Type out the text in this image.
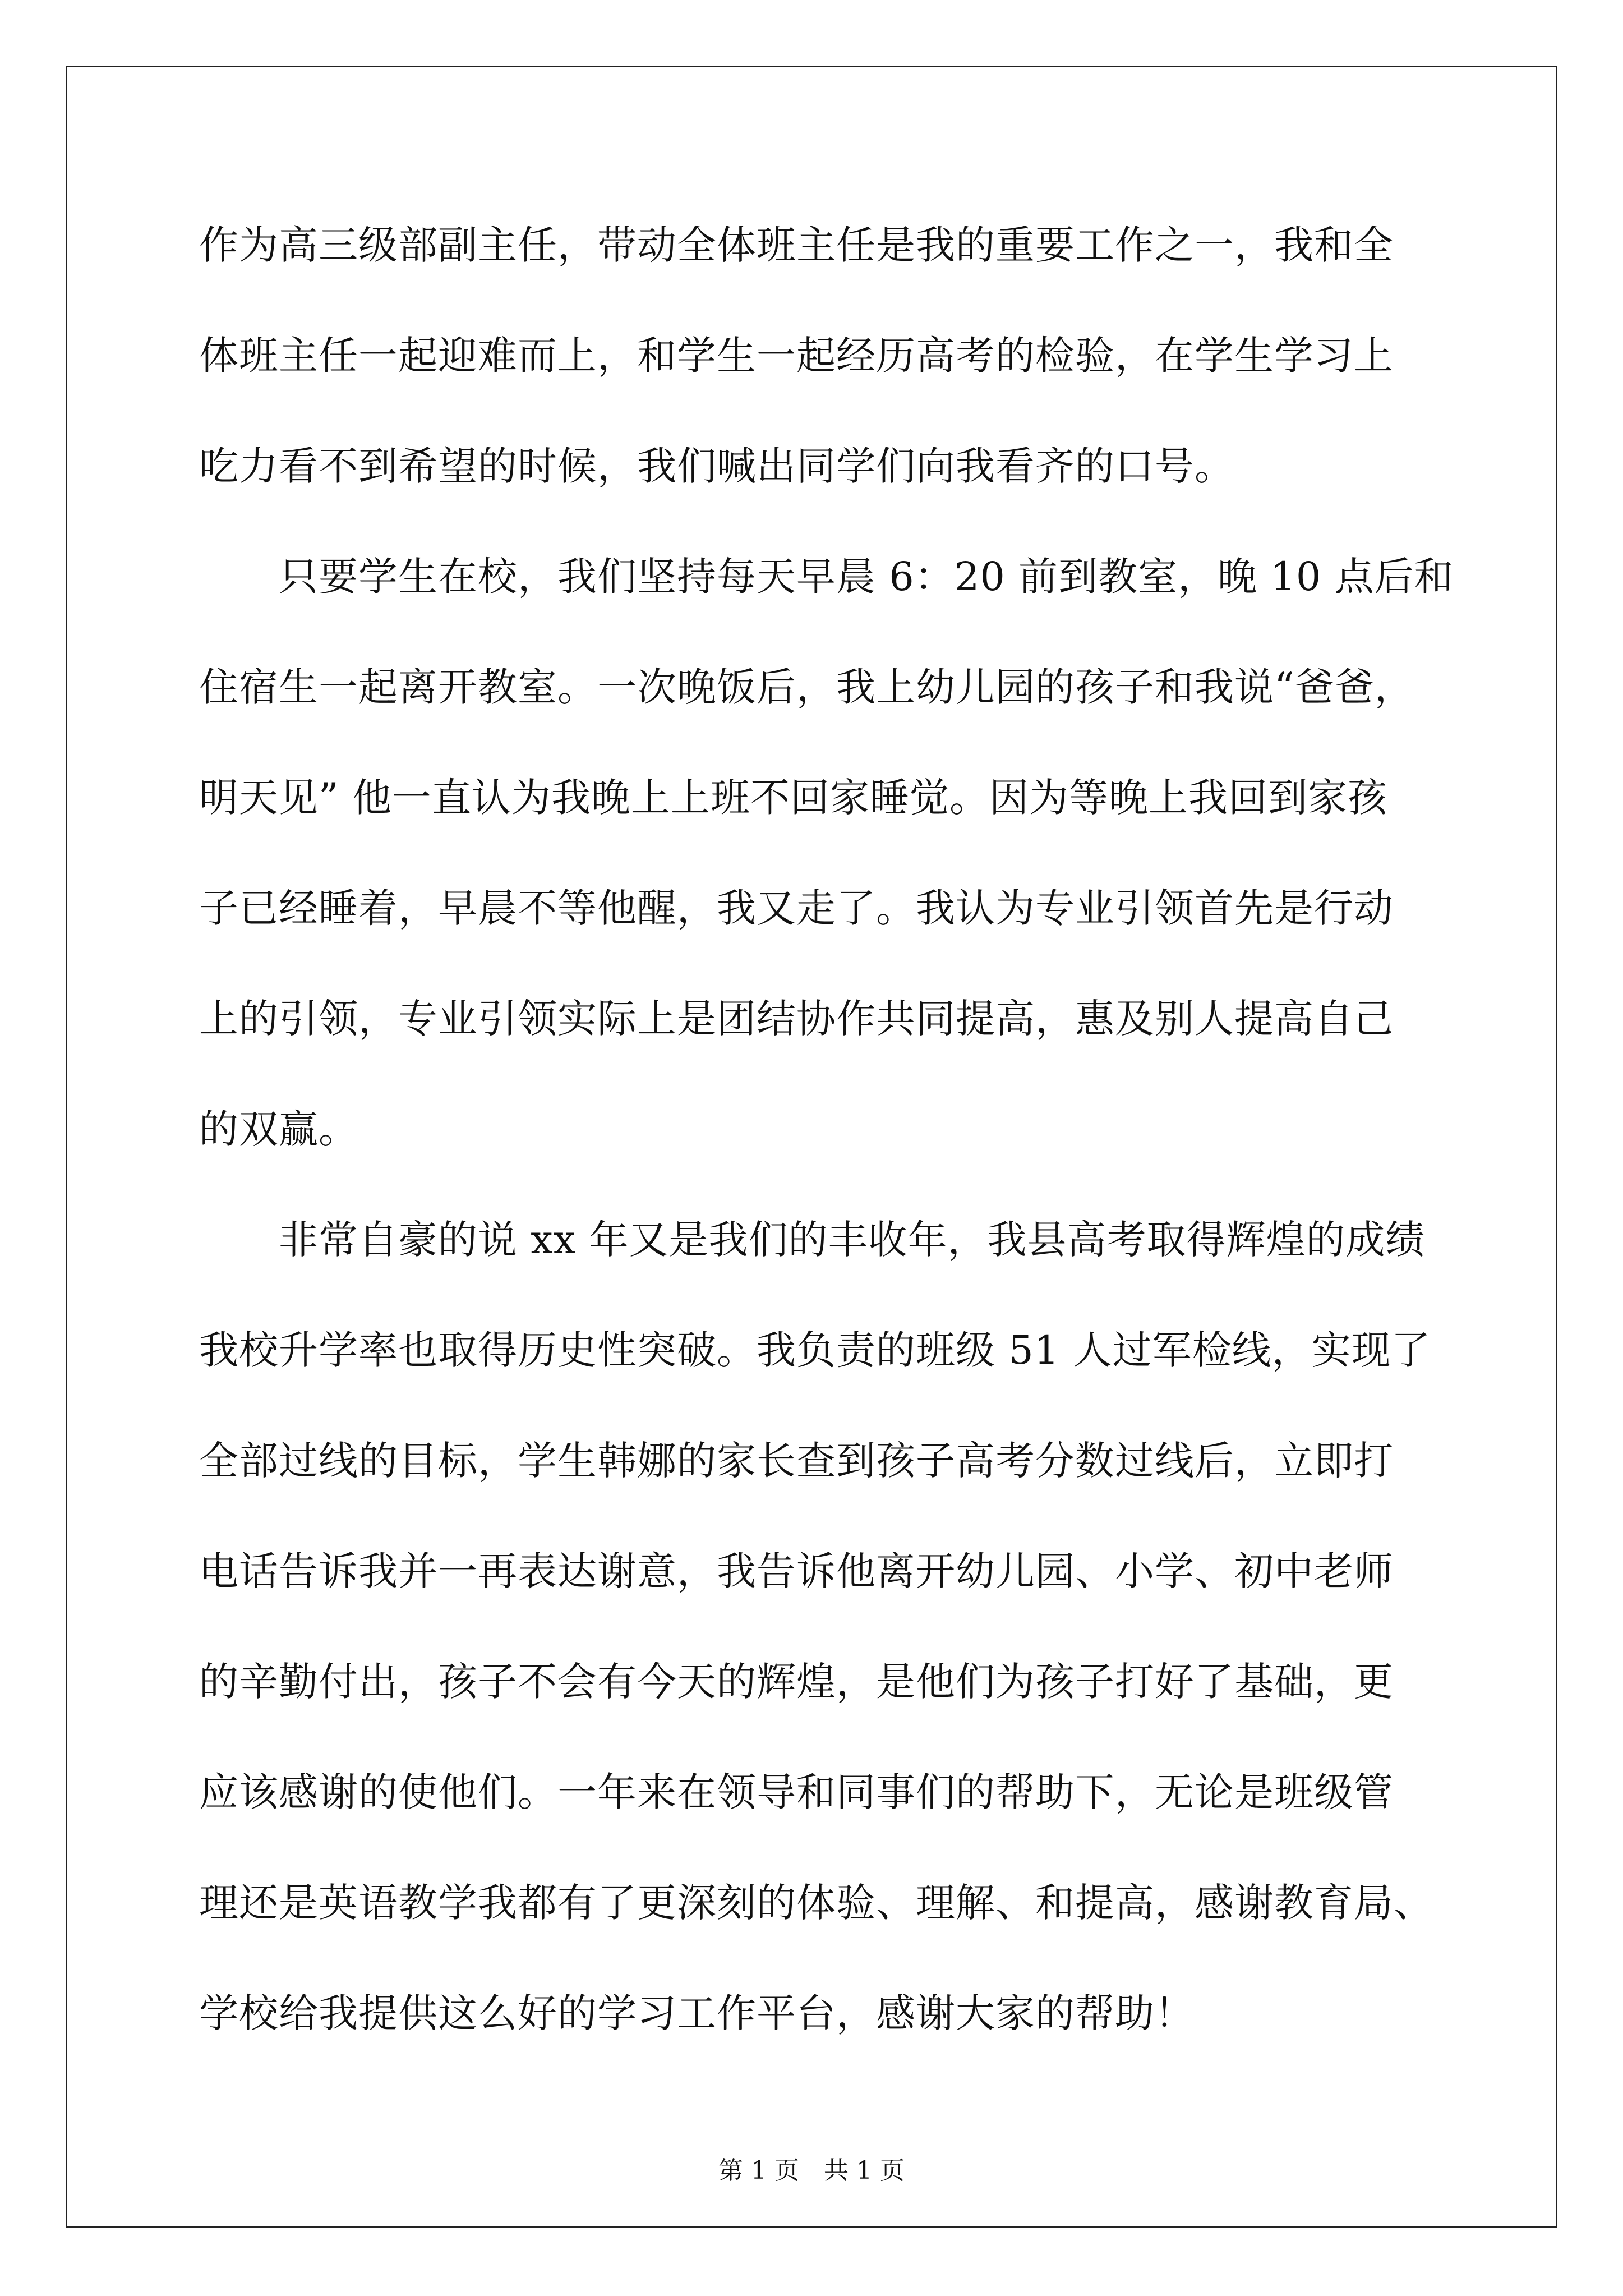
作为高三级部副主任，带动全体班主任是我的重要工作之一，我和全
体班主任一起迎难而上，和学生一起经历高考的检验，在学生学习上
吃力看不到希望的时候，我们喊出同学们向我看齐的口号。
只要学生在校，我们坚持每天早晨 6：20 前到教室，晚 10 点后和
住宿生一起离开教室。一次晚饭后，我上幼儿园的孩子和我说“爸爸，
明天见” 他一直认为我晚上上班不回家睡觉。因为等晚上我回到家孩
子已经睡着，早晨不等他醒，我又走了。我认为专业引领首先是行动
上的引领，专业引领实际上是团结协作共同提高，惠及别人提高自己
的双赢。
非常自豪的说 xx 年又是我们的丰收年，我县高考取得辉煌的成绩
我校升学率也取得历史性突破。我负责的班级 51 人过军检线，实现了
全部过线的目标，学生韩娜的家长查到孩子高考分数过线后，立即打
电话告诉我并一再表达谢意，我告诉他离开幼儿园、小学、初中老师
的辛勤付出，孩子不会有今天的辉煌，是他们为孩子打好了基础，更
应该感谢的使他们。一年来在领导和同事们的帮助下，无论是班级管
理还是英语教学我都有了更深刻的体验、理解、和提高，感谢教育局、
学校给我提供这么好的学习工作平台，感谢大家的帮助！
第 1 页　共 1 页
